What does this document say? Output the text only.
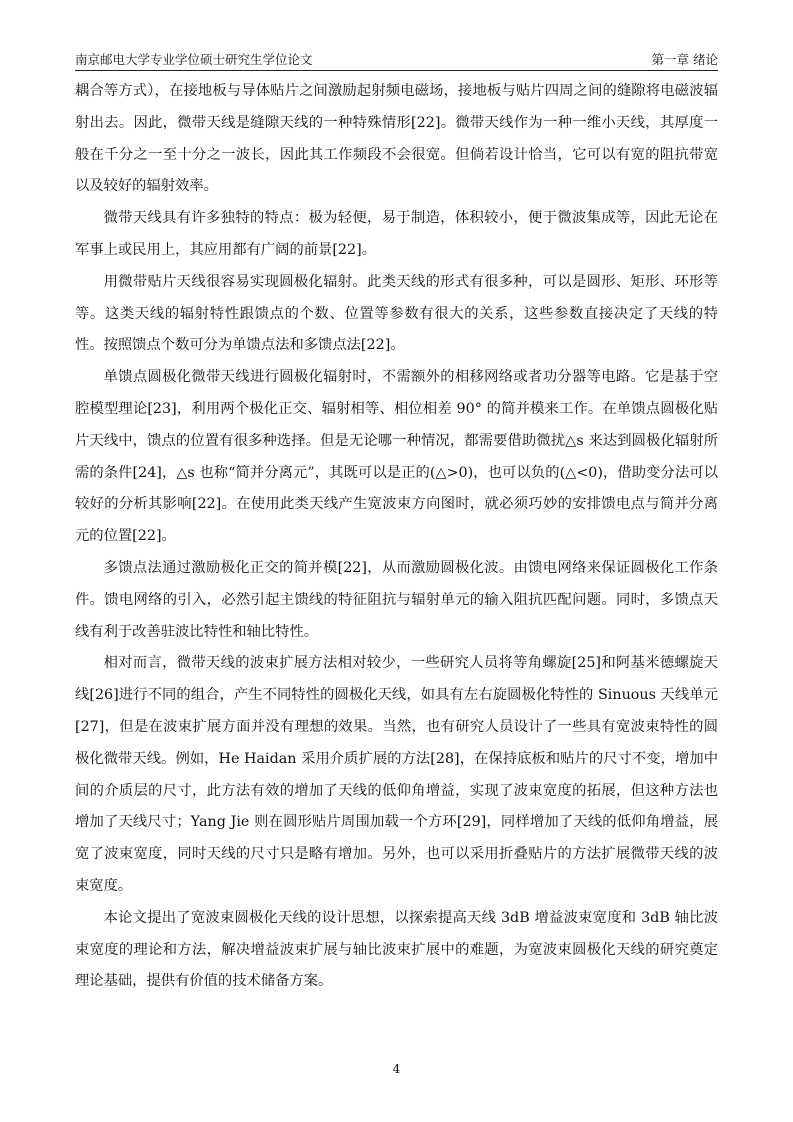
南京邮电大学专业学位硕士研究生学位论文	第一章 绪论

耦合等方式），在接地板与导体贴片之间激励起射频电磁场，接地板与贴片四周之间的缝隙将电磁波辐射出去。因此，微带天线是缝隙天线的一种特殊情形[22]。微带天线作为一种一维小天线，其厚度一般在千分之一至十分之一波长，因此其工作频段不会很宽。但倘若设计恰当，它可以有宽的阻抗带宽以及较好的辐射效率。

微带天线具有许多独特的特点：极为轻便，易于制造，体积较小，便于微波集成等，因此无论在军事上或民用上，其应用都有广阔的前景[22]。

用微带贴片天线很容易实现圆极化辐射。此类天线的形式有很多种，可以是圆形、矩形、环形等等。这类天线的辐射特性跟馈点的个数、位置等参数有很大的关系，这些参数直接决定了天线的特性。按照馈点个数可分为单馈点法和多馈点法[22]。

单馈点圆极化微带天线进行圆极化辐射时，不需额外的相移网络或者功分器等电路。它是基于空腔模型理论[23]，利用两个极化正交、辐射相等、相位相差 90° 的简并模来工作。在单馈点圆极化贴片天线中，馈点的位置有很多种选择。但是无论哪一种情况，都需要借助微扰△s 来达到圆极化辐射所需的条件[24]，△s 也称“简并分离元”，其既可以是正的(△>0)，也可以负的(△<0)，借助变分法可以较好的分析其影响[22]。在使用此类天线产生宽波束方向图时，就必须巧妙的安排馈电点与简并分离元的位置[22]。

多馈点法通过激励极化正交的简并模[22]，从而激励圆极化波。由馈电网络来保证圆极化工作条件。馈电网络的引入，必然引起主馈线的特征阻抗与辐射单元的输入阻抗匹配问题。同时，多馈点天线有利于改善驻波比特性和轴比特性。

相对而言，微带天线的波束扩展方法相对较少，一些研究人员将等角螺旋[25]和阿基米德螺旋天线[26]进行不同的组合，产生不同特性的圆极化天线，如具有左右旋圆极化特性的 Sinuous 天线单元[27]，但是在波束扩展方面并没有理想的效果。当然，也有研究人员设计了一些具有宽波束特性的圆极化微带天线。例如，He Haidan 采用介质扩展的方法[28]，在保持底板和贴片的尺寸不变，增加中间的介质层的尺寸，此方法有效的增加了天线的低仰角增益，实现了波束宽度的拓展，但这种方法也增加了天线尺寸；Yang Jie 则在圆形贴片周围加载一个方环[29]，同样增加了天线的低仰角增益，展宽了波束宽度，同时天线的尺寸只是略有增加。另外，也可以采用折叠贴片的方法扩展微带天线的波束宽度。

本论文提出了宽波束圆极化天线的设计思想，以探索提高天线 3dB 增益波束宽度和 3dB 轴比波束宽度的理论和方法，解决增益波束扩展与轴比波束扩展中的难题，为宽波束圆极化天线的研究奠定理论基础，提供有价值的技术储备方案。

4
